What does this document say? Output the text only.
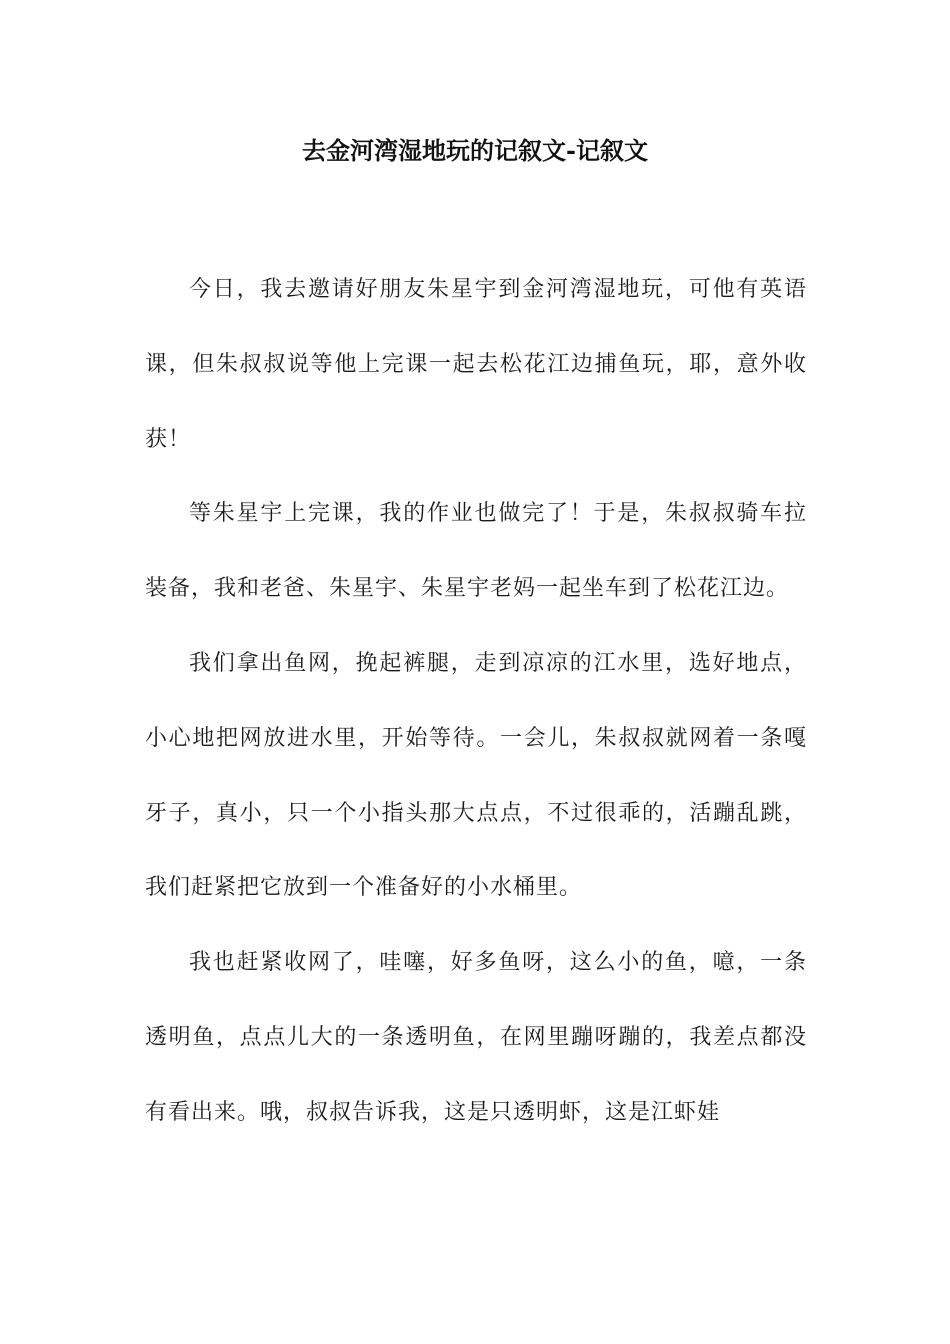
去金河湾湿地玩的记叙文-记叙文

今日，我去邀请好朋友朱星宇到金河湾湿地玩，可他有英语课，但朱叔叔说等他上完课一起去松花江边捕鱼玩，耶，意外收获！

等朱星宇上完课，我的作业也做完了！于是，朱叔叔骑车拉装备，我和老爸、朱星宇、朱星宇老妈一起坐车到了松花江边。

我们拿出鱼网，挽起裤腿，走到凉凉的江水里，选好地点，小心地把网放进水里，开始等待。一会儿，朱叔叔就网着一条嘎牙子，真小，只一个小指头那大点点，不过很乖的，活蹦乱跳，我们赶紧把它放到一个准备好的小水桶里。

我也赶紧收网了，哇噻，好多鱼呀，这么小的鱼，噫，一条透明鱼，点点儿大的一条透明鱼，在网里蹦呀蹦的，我差点都没有看出来。哦，叔叔告诉我，这是只透明虾，这是江虾娃
